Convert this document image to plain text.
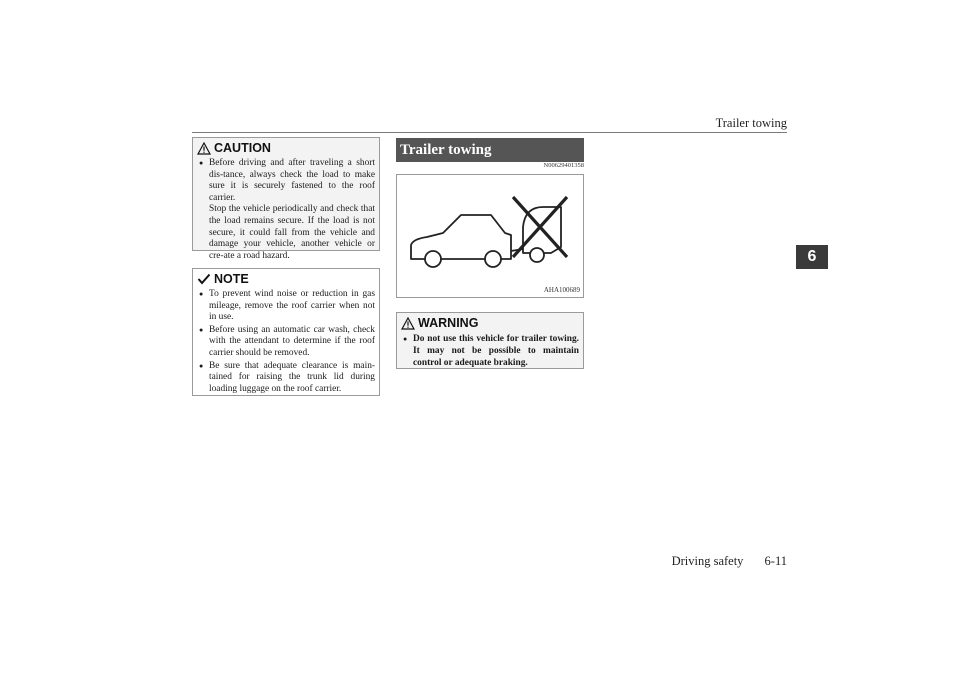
Trailer towing
6
CAUTION
● Before driving and after traveling a short dis-tance, always check the load to make sure it is securely fastened to the roof carrier.
Stop the vehicle periodically and check that the load remains secure. If the load is not secure, it could fall from the vehicle and damage your vehicle, another vehicle or cre-ate a road hazard.
NOTE
● To prevent wind noise or reduction in gas mileage, remove the roof carrier when not in use.
● Before using an automatic car wash, check with the attendant to determine if the roof carrier should be removed.
● Be sure that adequate clearance is main-tained for raising the trunk lid during loading luggage on the roof carrier.
Trailer towing
N00629401358
AHA100689
WARNING
● Do not use this vehicle for trailer towing. It may not be possible to maintain control or adequate braking.
Driving safety 6-11
